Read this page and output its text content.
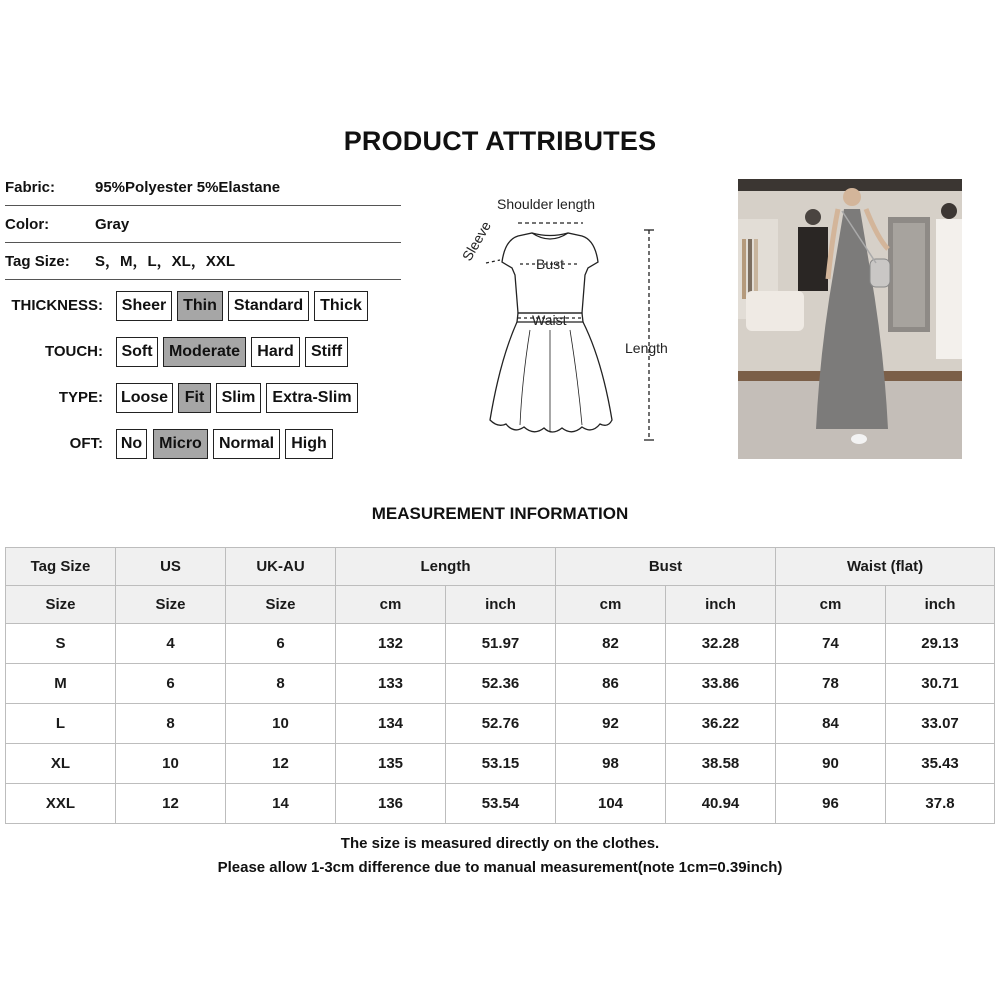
PRODUCT ATTRIBUTES
Fabric:	95%Polyester 5%Elastane
Color:	Gray
Tag Size: S，M，L，XL，XXL
THICKNESS:	Sheer	Thin	Standard	Thick
TOUCH:	Soft	Moderate	Hard	Stiff
TYPE:	Loose	Fit	Slim	Extra-Slim
OFT:	No	Micro	Normal	High
Shoulder length
Sleeve
Bust
Waist
Length
MEASUREMENT INFORMATION
Tag Size	US	UK-AU	Length		Bust		Waist (flat)	
Size	Size	Size	cm	inch	cm	inch	cm	inch
S	4	6	132	51.97	82	32.28	74	29.13
M	6	8	133	52.36	86	33.86	78	30.71
L	8	10	134	52.76	92	36.22	84	33.07
XL	10	12	135	53.15	98	38.58	90	35.43
XXL	12	14	136	53.54	104	40.94	96	37.8
The size is measured directly on the clothes.
Please allow 1-3cm difference due to manual measurement(note 1cm=0.39inch)
